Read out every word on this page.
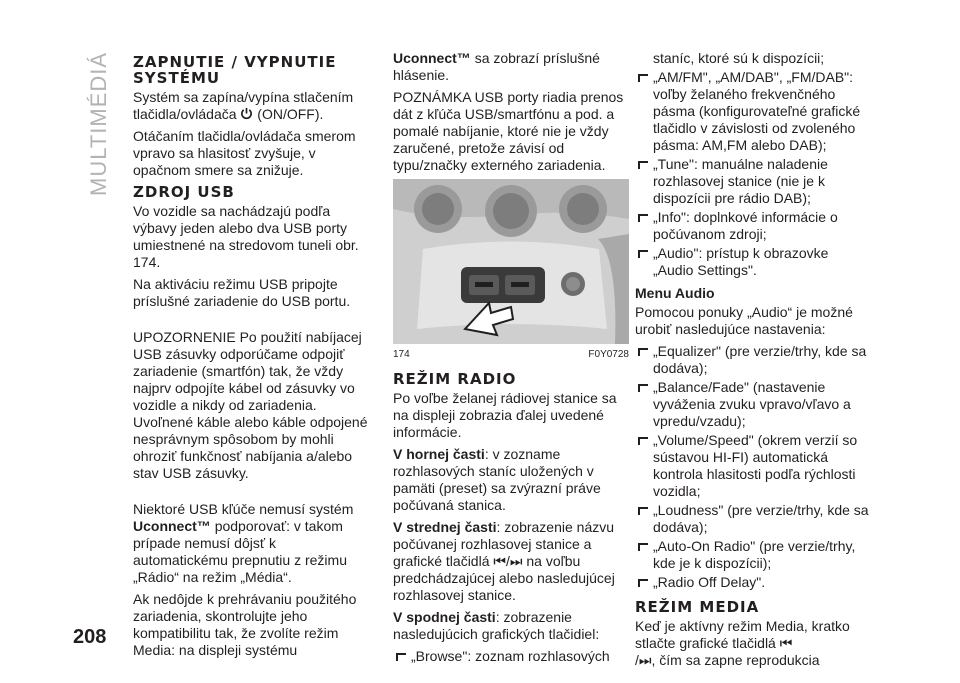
MULTIMÉDIÁ ZAPNUTIE / VYPNUTIE SYSTÉMU

Systém sa zapína/vypína stlačením tlačidla/ovládača (ON/OFF).

Otáčaním tlačidla/ovládača smerom vpravo sa hlasitosť zvyšuje, v opačnom smere sa znižuje.

ZDROJ USB

Vo vozidle sa nachádzajú podľa výbavy jeden alebo dva USB porty umiestnené na stredovom tuneli obr. 174.

Na aktiváciu režimu USB pripojte príslušné zariadenie do USB portu.

UPOZORNENIE Po použití nabíjacej USB zásuvky odporúčame odpojiť zariadenie (smartfón) tak, že vždy najprv odpojíte kábel od zásuvky vo vozidle a nikdy od zariadenia. Uvoľnené káble alebo káble odpojené nesprávnym spôsobom by mohli ohroziť funkčnosť nabíjania a/alebo stav USB zásuvky.

Niektoré USB kľúče nemusí systém Uconnect™ podporovať: v takom prípade nemusí dôjsť k automatickému prepnutiu z režimu „Rádio“ na režim „Média“.

Ak nedôjde k prehrávaniu použitého zariadenia, skontrolujte jeho kompatibilitu tak, že zvolíte režim Media: na displeji systému

Uconnect™ sa zobrazí príslušné hlásenie.

POZNÁMKA USB porty riadia prenos dát z kľúča USB/smartfónu a pod. a pomalé nabíjanie, ktoré nie je vždy zaručené, pretože závisí od typu/značky externého zariadenia.

174	F0Y0728
REŽIM RADIO

Po voľbe želanej rádiovej stanice sa na displeji zobrazia ďalej uvedené informácie.

V hornej časti: v zozname rozhlasových staníc uložených v pamäti (preset) sa zvýrazní práve počúvaná stanica.

V strednej časti: zobrazenie názvu počúvanej rozhlasovej stanice a grafické tlačidlá ⏮/⏭ na voľbu predchádzajúcej alebo nasledujúcej rozhlasovej stanice.

V spodnej časti: zobrazenie nasledujúcich grafických tlačidiel:

„Browse": zoznam rozhlasových

staníc, ktoré sú k dispozícii;

„AM/FM", „AM/DAB", „FM/DAB": voľby želaného frekvenčného pásma (konfigurovateľné grafické tlačidlo v závislosti od zvoleného pásma: AM,FM alebo DAB);
„Tune": manuálne naladenie rozhlasovej stanice (nie je k dispozícii pre rádio DAB);
„Info": doplnkové informácie o počúvanom zdroji;
„Audio": prístup k obrazovke „Audio Settings".
Menu Audio

Pomocou ponuky „Audio“ je možné urobiť nasledujúce nastavenia:

„Equalizer" (pre verzie/trhy, kde sa dodáva);
„Balance/Fade" (nastavenie vyváženia zvuku vpravo/vľavo a vpredu/vzadu);
„Volume/Speed" (okrem verzií so sústavou HI-FI) automatická kontrola hlasitosti podľa rýchlosti vozidla;
„Loudness" (pre verzie/trhy, kde sa dodáva);
„Auto-On Radio" (pre verzie/trhy, kde je k dispozícii);
„Radio Off Delay".
REŽIM MEDIA

Keď je aktívny režim Media, kratko stlačte grafické tlačidlá ⏮
/⏭, čím sa zapne reprodukcia

208
